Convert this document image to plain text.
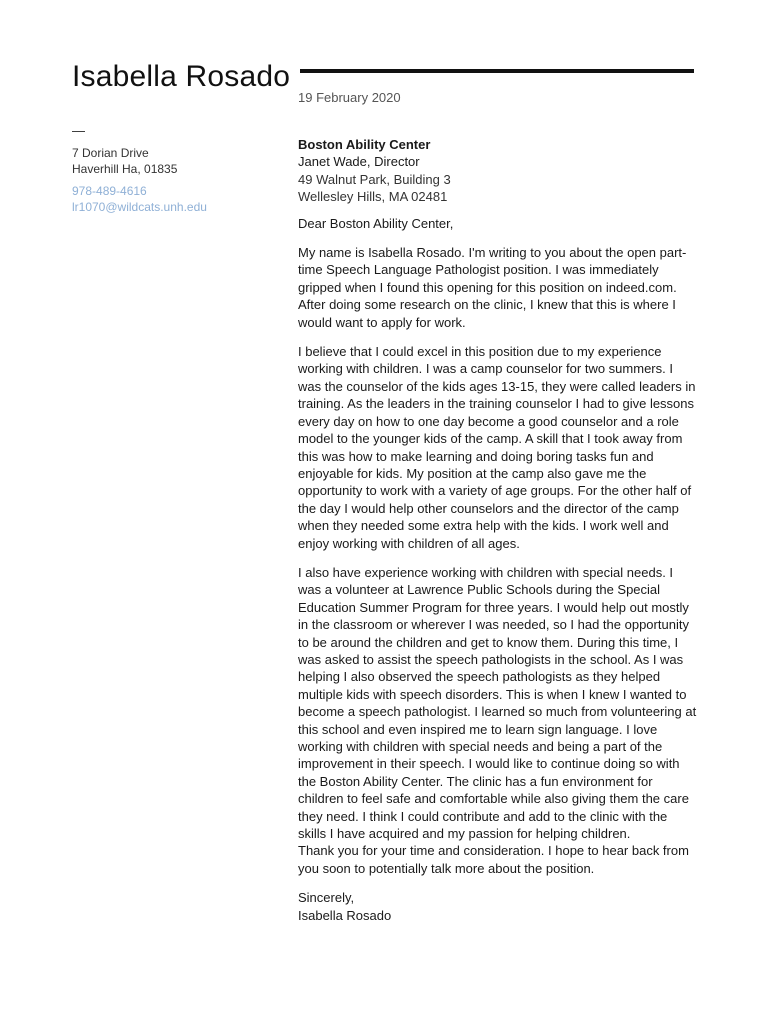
Isabella Rosado
19 February 2020
—
7 Dorian Drive
Haverhill Ha, 01835
978-489-4616
lr1070@wildcats.unh.edu
Boston Ability Center
Janet Wade, Director
49 Walnut Park, Building 3
Wellesley Hills, MA 02481
Dear Boston Ability Center,
My name is Isabella Rosado. I'm writing to you about the open part-time Speech Language Pathologist position. I was immediately gripped when I found this opening for this position on indeed.com. After doing some research on the clinic, I knew that this is where I would want to apply for work.
I believe that I could excel in this position due to my experience working with children. I was a camp counselor for two summers. I was the counselor of the kids ages 13-15, they were called leaders in training. As the leaders in the training counselor I had to give lessons every day on how to one day become a good counselor and a role model to the younger kids of the camp. A skill that I took away from this was how to make learning and doing boring tasks fun and enjoyable for kids. My position at the camp also gave me the opportunity to work with a variety of age groups. For the other half of the day I would help other counselors and the director of the camp when they needed some extra help with the kids. I work well and enjoy working with children of all ages.
I also have experience working with children with special needs. I was a volunteer at Lawrence Public Schools during the Special Education Summer Program for three years. I would help out mostly in the classroom or wherever I was needed, so I had the opportunity to be around the children and get to know them. During this time, I was asked to assist the speech pathologists in the school. As I was helping I also observed the speech pathologists as they helped multiple kids with speech disorders. This is when I knew I wanted to become a speech pathologist. I learned so much from volunteering at this school and even inspired me to learn sign language. I love working with children with special needs and being a part of the improvement in their speech. I would like to continue doing so with the Boston Ability Center. The clinic has a fun environment for children to feel safe and comfortable while also giving them the care they need. I think I could contribute and add to the clinic with the skills I have acquired and my passion for helping children.
Thank you for your time and consideration. I hope to hear back from you soon to potentially talk more about the position.
Sincerely,
Isabella Rosado
